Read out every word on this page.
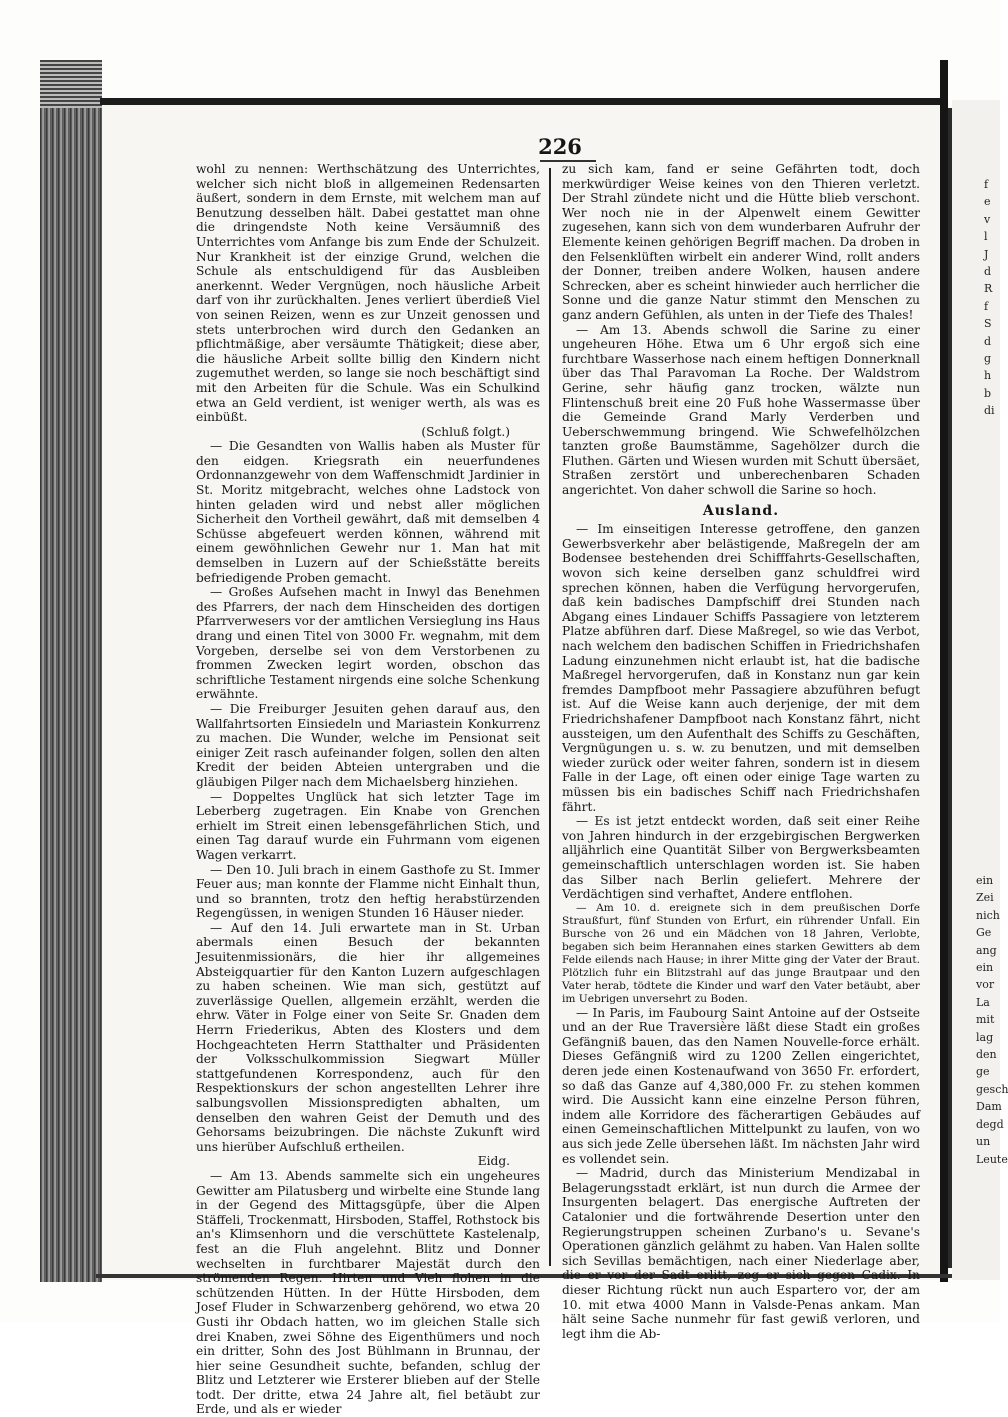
226

wohl zu nennen: Werthschätzung des Unterrichtes, welcher sich nicht bloß in allgemeinen Redensarten äußert, sondern in dem Ernste, mit welchem man auf Benutzung desselben hält. Dabei gestattet man ohne die dringendste Noth keine Versäumniß des Unterrichtes vom Anfange bis zum Ende der Schulzeit. Nur Krankheit ist der einzige Grund, welchen die Schule als entschuldigend für das Ausbleiben anerkennt. Weder Vergnügen, noch häusliche Arbeit darf von ihr zurückhalten. Jenes verliert überdieß Viel von seinen Reizen, wenn es zur Unzeit genossen und stets unterbrochen wird durch den Gedanken an pflichtmäßige, aber versäumte Thätigkeit; diese aber, die häusliche Arbeit sollte billig den Kindern nicht zugemuthet werden, so lange sie noch beschäftigt sind mit den Arbeiten für die Schule. Was ein Schulkind etwa an Geld verdient, ist weniger werth, als was es einbüßt.

(Schluß folgt.)

— Die Gesandten von Wallis haben als Muster für den eidgen. Kriegsrath ein neuerfundenes Ordonnanzgewehr von dem Waffenschmidt Jardinier in St. Moritz mitgebracht, welches ohne Ladstock von hinten geladen wird und nebst aller möglichen Sicherheit den Vortheil gewährt, daß mit demselben 4 Schüsse abgefeuert werden können, während mit einem gewöhnlichen Gewehr nur 1. Man hat mit demselben in Luzern auf der Schießstätte bereits befriedigende Proben gemacht.

— Großes Aufsehen macht in Inwyl das Benehmen des Pfarrers, der nach dem Hinscheiden des dortigen Pfarrverwesers vor der amtlichen Versieglung ins Haus drang und einen Titel von 3000 Fr. wegnahm, mit dem Vorgeben, derselbe sei von dem Verstorbenen zu frommen Zwecken legirt worden, obschon das schriftliche Testament nirgends eine solche Schenkung erwähnte.

— Die Freiburger Jesuiten gehen darauf aus, den Wallfahrtsorten Einsiedeln und Mariastein Konkurrenz zu machen. Die Wunder, welche im Pensionat seit einiger Zeit rasch aufeinander folgen, sollen den alten Kredit der beiden Abteien untergraben und die gläubigen Pilger nach dem Michaelsberg hinziehen.

— Doppeltes Unglück hat sich letzter Tage im Leberberg zugetragen. Ein Knabe von Grenchen erhielt im Streit einen lebensgefährlichen Stich, und einen Tag darauf wurde ein Fuhrmann vom eigenen Wagen verkarrt.

— Den 10. Juli brach in einem Gasthofe zu St. Immer Feuer aus; man konnte der Flamme nicht Einhalt thun, und so brannten, trotz den heftig herabstürzenden Regengüssen, in wenigen Stunden 16 Häuser nieder.

— Auf den 14. Juli erwartete man in St. Urban abermals einen Besuch der bekannten Jesuitenmissionärs, die hier ihr allgemeines Absteigquartier für den Kanton Luzern aufgeschlagen zu haben scheinen. Wie man sich, gestützt auf zuverlässige Quellen, allgemein erzählt, werden die ehrw. Väter in Folge einer von Seite Sr. Gnaden dem Herrn Friederikus, Abten des Klosters und dem Hochgeachteten Herrn Statthalter und Präsidenten der Volksschulkommission Siegwart Müller stattgefundenen Korrespondenz, auch für den Respektionskurs der schon angestellten Lehrer ihre salbungsvollen Missionspredigten abhalten, um denselben den wahren Geist der Demuth und des Gehorsams beizubringen. Die nächste Zukunft wird uns hierüber Aufschluß ertheilen.

Eidg.

— Am 13. Abends sammelte sich ein ungeheures Gewitter am Pilatusberg und wirbelte eine Stunde lang in der Gegend des Mittagsgüpfe, über die Alpen Stäffeli, Trockenmatt, Hirsboden, Staffel, Rothstock bis an's Klimsenhorn und die verschüttete Kastelenalp, fest an die Fluh angelehnt. Blitz und Donner wechselten in furchtbarer Majestät durch den strömenden Regen. Hirten und Vieh flohen in die schützenden Hütten. In der Hütte Hirsboden, dem Josef Fluder in Schwarzenberg gehörend, wo etwa 20 Gusti ihr Obdach hatten, wo im gleichen Stalle sich drei Knaben, zwei Söhne des Eigenthümers und noch ein dritter, Sohn des Jost Bühlmann in Brunnau, der hier seine Gesundheit suchte, befanden, schlug der Blitz und Letzterer wie Ersterer blieben auf der Stelle todt. Der dritte, etwa 24 Jahre alt, fiel betäubt zur Erde, und als er wieder

zu sich kam, fand er seine Gefährten todt, doch merkwürdiger Weise keines von den Thieren verletzt. Der Strahl zündete nicht und die Hütte blieb verschont. Wer noch nie in der Alpenwelt einem Gewitter zugesehen, kann sich von dem wunderbaren Aufruhr der Elemente keinen gehörigen Begriff machen. Da droben in den Felsenklüften wirbelt ein anderer Wind, rollt anders der Donner, treiben andere Wolken, hausen andere Schrecken, aber es scheint hinwieder auch herrlicher die Sonne und die ganze Natur stimmt den Menschen zu ganz andern Gefühlen, als unten in der Tiefe des Thales!

— Am 13. Abends schwoll die Sarine zu einer ungeheuren Höhe. Etwa um 6 Uhr ergoß sich eine furchtbare Wasserhose nach einem heftigen Donnerknall über das Thal Paravoman La Roche. Der Waldstrom Gerine, sehr häufig ganz trocken, wälzte nun Flintenschuß breit eine 20 Fuß hohe Wassermasse über die Gemeinde Grand Marly Verderben und Ueberschwemmung bringend. Wie Schwefelhölzchen tanzten große Baumstämme, Sagehölzer durch die Fluthen. Gärten und Wiesen wurden mit Schutt übersäet, Straßen zerstört und unberechenbaren Schaden angerichtet. Von daher schwoll die Sarine so hoch.

Ausland.

— Im einseitigen Interesse getroffene, den ganzen Gewerbsverkehr aber belästigende, Maßregeln der am Bodensee bestehenden drei Schifffahrts-Gesellschaften, wovon sich keine derselben ganz schuldfrei wird sprechen können, haben die Verfügung hervorgerufen, daß kein badisches Dampfschiff drei Stunden nach Abgang eines Lindauer Schiffs Passagiere von letzterem Platze abführen darf. Diese Maßregel, so wie das Verbot, nach welchem den badischen Schiffen in Friedrichshafen Ladung einzunehmen nicht erlaubt ist, hat die badische Maßregel hervorgerufen, daß in Konstanz nun gar kein fremdes Dampfboot mehr Passagiere abzuführen befugt ist. Auf die Weise kann auch derjenige, der mit dem Friedrichshafener Dampfboot nach Konstanz fährt, nicht aussteigen, um den Aufenthalt des Schiffs zu Geschäften, Vergnügungen u. s. w. zu benutzen, und mit demselben wieder zurück oder weiter fahren, sondern ist in diesem Falle in der Lage, oft einen oder einige Tage warten zu müssen bis ein badisches Schiff nach Friedrichshafen fährt.

— Es ist jetzt entdeckt worden, daß seit einer Reihe von Jahren hindurch in der erzgebirgischen Bergwerken alljährlich eine Quantität Silber von Bergwerksbeamten gemeinschaftlich unterschlagen worden ist. Sie haben das Silber nach Berlin geliefert. Mehrere der Verdächtigen sind verhaftet, Andere entflohen.

— Am 10. d. ereignete sich in dem preußischen Dorfe Straußfurt, fünf Stunden von Erfurt, ein rührender Unfall. Ein Bursche von 26 und ein Mädchen von 18 Jahren, Verlobte, begaben sich beim Herannahen eines starken Gewitters ab dem Felde eilends nach Hause; in ihrer Mitte ging der Vater der Braut. Plötzlich fuhr ein Blitzstrahl auf das junge Brautpaar und den Vater herab, tödtete die Kinder und warf den Vater betäubt, aber im Uebrigen unversehrt zu Boden.

— In Paris, im Faubourg Saint Antoine auf der Ostseite und an der Rue Traversière läßt diese Stadt ein großes Gefängniß bauen, das den Namen Nouvelle-force erhält. Dieses Gefängniß wird zu 1200 Zellen eingerichtet, deren jede einen Kostenaufwand von 3650 Fr. erfordert, so daß das Ganze auf 4,380,000 Fr. zu stehen kommen wird. Die Aussicht kann eine einzelne Person führen, indem alle Korridore des fächerartigen Gebäudes auf einen Gemeinschaftlichen Mittelpunkt zu laufen, von wo aus sich jede Zelle übersehen läßt. Im nächsten Jahr wird es vollendet sein.

— Madrid, durch das Ministerium Mendizabal in Belagerungsstadt erklärt, ist nun durch die Armee der Insurgenten belagert. Das energische Auftreten der Catalonier und die fortwährende Desertion unter den Regierungstruppen scheinen Zurbano's u. Sevane's Operationen gänzlich gelähmt zu haben. Van Halen sollte sich Sevillas bemächtigen, nach einer Niederlage aber, die er vor der Sadt erlitt, zog er sich gegen Cadix. In dieser Richtung rückt nun auch Espartero vor, der am 10. mit etwa 4000 Mann in Valsde-Penas ankam. Man hält seine Sache nunmehr für fast gewiß verloren, und legt ihm die Ab-

f
e
v
l
J
d
R
f
S
d
g
h
b
di
ein
Zei
nich
Ge
ang
ein
vor
La
mit
lag
den
ge
gesch
Dam
degd
un
Leute
